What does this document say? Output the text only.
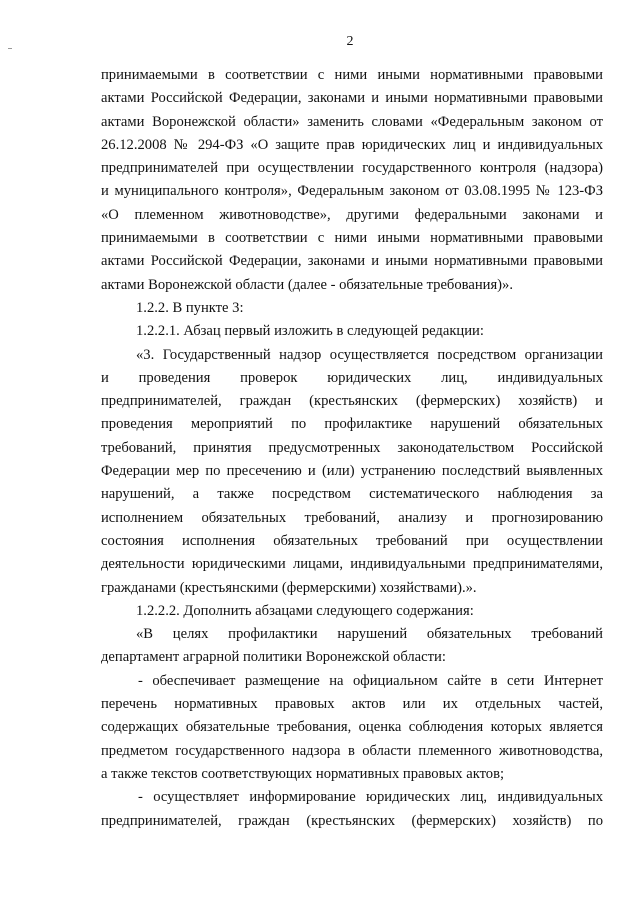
2
принимаемыми в соответствии с ними иными нормативными правовыми
актами Российской Федерации, законами и иными нормативными правовыми
актами Воронежской области» заменить словами «Федеральным законом от
26.12.2008 № 294-ФЗ «О защите прав юридических лиц и индивидуальных
предпринимателей при осуществлении государственного контроля (надзора)
и муниципального контроля», Федеральным законом от 03.08.1995 № 123-ФЗ
«О племенном животноводстве», другими федеральными законами и
принимаемыми в соответствии с ними иными нормативными правовыми
актами Российской Федерации, законами и иными нормативными правовыми
актами Воронежской области (далее - обязательные требования)».
1.2.2. В пункте 3:
1.2.2.1. Абзац первый изложить в следующей редакции:
«3. Государственный надзор осуществляется посредством организации
и проведения проверок юридических лиц, индивидуальных
предпринимателей, граждан (крестьянских (фермерских) хозяйств) и
проведения мероприятий по профилактике нарушений обязательных
требований, принятия предусмотренных законодательством Российской
Федерации мер по пресечению и (или) устранению последствий выявленных
нарушений, а также посредством систематического наблюдения за
исполнением обязательных требований, анализу и прогнозированию
состояния исполнения обязательных требований при осуществлении
деятельности юридическими лицами, индивидуальными предпринимателями,
гражданами (крестьянскими (фермерскими) хозяйствами).».
1.2.2.2. Дополнить абзацами следующего содержания:
«В целях профилактики нарушений обязательных требований
департамент аграрной политики Воронежской области:
- обеспечивает размещение на официальном сайте в сети Интернет
перечень нормативных правовых актов или их отдельных частей,
содержащих обязательные требования, оценка соблюдения которых является
предметом государственного надзора в области племенного животноводства,
а также текстов соответствующих нормативных правовых актов;
- осуществляет информирование юридических лиц, индивидуальных
предпринимателей, граждан (крестьянских (фермерских) хозяйств) по
